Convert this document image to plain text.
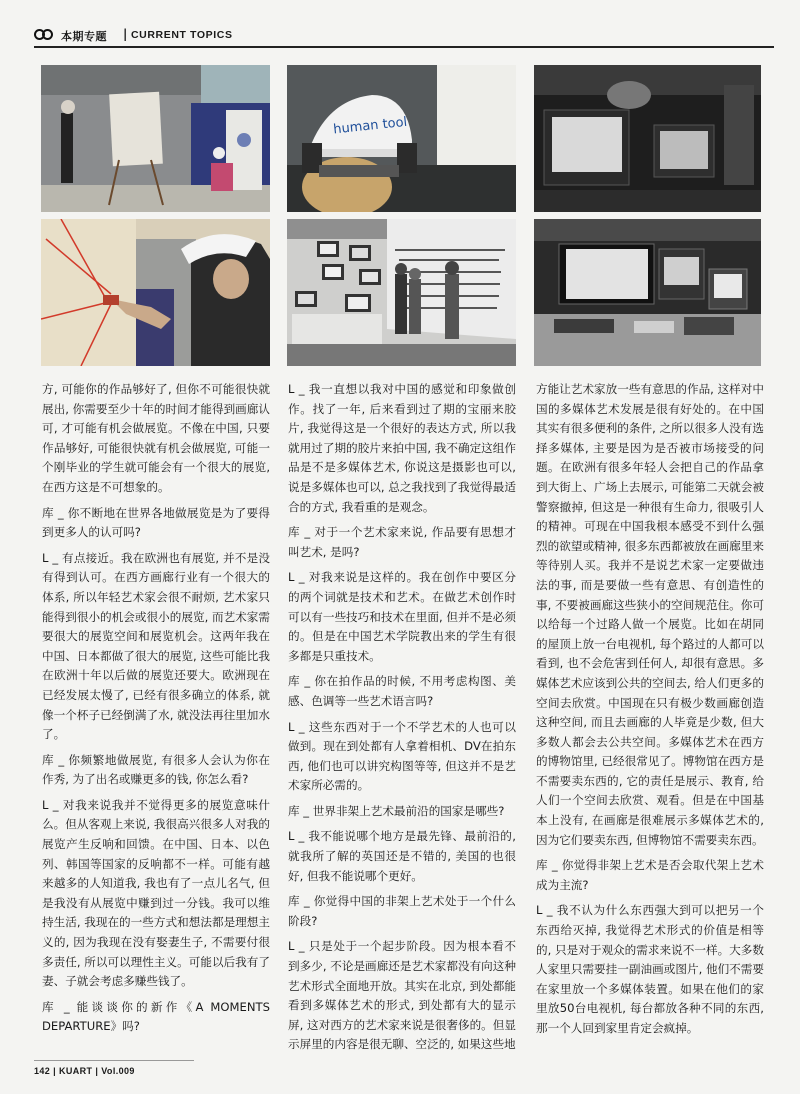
本期专题 | CURRENT TOPICS
human tool

方, 可能你的作品够好了, 但你不可能很快就展出, 你需要至少十年的时间才能得到画廊认可, 才可能有机会做展览。不像在中国, 只要作品够好, 可能很快就有机会做展览, 可能一个刚毕业的学生就可能会有一个很大的展览, 在西方这是不可想象的。

库 _ 你不断地在世界各地做展览是为了要得到更多人的认可吗?

L _ 有点接近。我在欧洲也有展览, 并不是没有得到认可。在西方画廊行业有一个很大的体系, 所以年轻艺术家会很不耐烦, 艺术家只能得到很小的机会或很小的展览, 而艺术家需要很大的展览空间和展览机会。这两年我在中国、日本都做了很大的展览, 这些可能比我在欧洲十年以后做的展览还要大。欧洲现在已经发展太慢了, 已经有很多确立的体系, 就像一个杯子已经倒满了水, 就没法再往里加水了。

库 _ 你频繁地做展览, 有很多人会认为你在作秀, 为了出名或赚更多的钱, 你怎么看?

L _ 对我来说我并不觉得更多的展览意味什么。但从客观上来说, 我很高兴很多人对我的展览产生反响和回馈。在中国、日本、以色列、韩国等国家的反响都不一样。可能有越来越多的人知道我, 我也有了一点儿名气, 但是我没有从展览中赚到过一分钱。我可以维持生活, 我现在的一些方式和想法都是理想主义的, 因为我现在没有娶妻生子, 不需要付很多责任, 所以可以理性主义。可能以后我有了妻、子就会考虑多赚些钱了。

库 _ 能谈谈你的新作《A MOMENTS DEPARTURE》吗?

L _ 我一直想以我对中国的感觉和印象做创作。找了一年, 后来看到过了期的宝丽来胶片, 我觉得这是一个很好的表达方式, 所以我就用过了期的胶片来拍中国, 我不确定这组作品是不是多媒体艺术, 你说这是摄影也可以, 说是多媒体也可以, 总之我找到了我觉得最适合的方式, 我看重的是观念。

库 _ 对于一个艺术家来说, 作品要有思想才叫艺术, 是吗?

L _ 对我来说是这样的。我在创作中要区分的两个词就是技术和艺术。在做艺术创作时可以有一些技巧和技术在里面, 但并不是必须的。但是在中国艺术学院教出来的学生有很多都是只重技术。

库 _ 你在拍作品的时候, 不用考虑构图、美感、色调等一些艺术语言吗?

L _ 这些东西对于一个不学艺术的人也可以做到。现在到处都有人拿着相机、DV在拍东西, 他们也可以讲究构图等等, 但这并不是艺术家所必需的。

库 _ 世界非架上艺术最前沿的国家是哪些?

L _ 我不能说哪个地方是最先锋、最前沿的, 就我所了解的英国还是不错的, 美国的也很好, 但我不能说哪个更好。

库 _ 你觉得中国的非架上艺术处于一个什么阶段?

L _ 只是处于一个起步阶段。因为根本看不到多少, 不论是画廊还是艺术家都没有向这种艺术形式全面地开放。其实在北京, 到处都能看到多媒体艺术的形式, 到处都有大的显示屏, 这对西方的艺术家来说是很奢侈的。但显示屏里的内容是很无聊、空泛的, 如果这些地

方能让艺术家放一些有意思的作品, 这样对中国的多媒体艺术发展是很有好处的。在中国其实有很多便利的条件, 之所以很多人没有选择多媒体, 主要是因为是否被市场接受的问题。在欧洲有很多年轻人会把自己的作品拿到大街上、广场上去展示, 可能第二天就会被警察撤掉, 但这是一种很有生命力, 很吸引人的精神。可现在中国我根本感受不到什么强烈的欲望或精神, 很多东西都被放在画廊里来等待别人买。我并不是说艺术家一定要做违法的事, 而是要做一些有意思、有创造性的事, 不要被画廊这些狭小的空间规范住。你可以给每一个过路人做一个展览。比如在胡同的屋顶上放一台电视机, 每个路过的人都可以看到, 也不会危害到任何人, 却很有意思。多媒体艺术应该到公共的空间去, 给人们更多的空间去欣赏。中国现在只有极少数画廊创造这种空间, 而且去画廊的人毕竟是少数, 但大多数人都会去公共空间。多媒体艺术在西方的博物馆里, 已经很常见了。博物馆在西方是不需要卖东西的, 它的责任是展示、教育, 给人们一个空间去欣赏、观看。但是在中国基本上没有, 在画廊是很难展示多媒体艺术的, 因为它们要卖东西, 但博物馆不需要卖东西。

库 _ 你觉得非架上艺术是否会取代架上艺术成为主流?

L _ 我不认为什么东西强大到可以把另一个东西给灭掉, 我觉得艺术形式的价值是相等的, 只是对于观众的需求来说不一样。大多数人家里只需要挂一副油画或图片, 他们不需要在家里放一个多媒体装置。如果在他们的家里放50台电视机, 每台都放各种不同的东西, 那一个人回到家里肯定会疯掉。

142 | KUART | Vol.009
